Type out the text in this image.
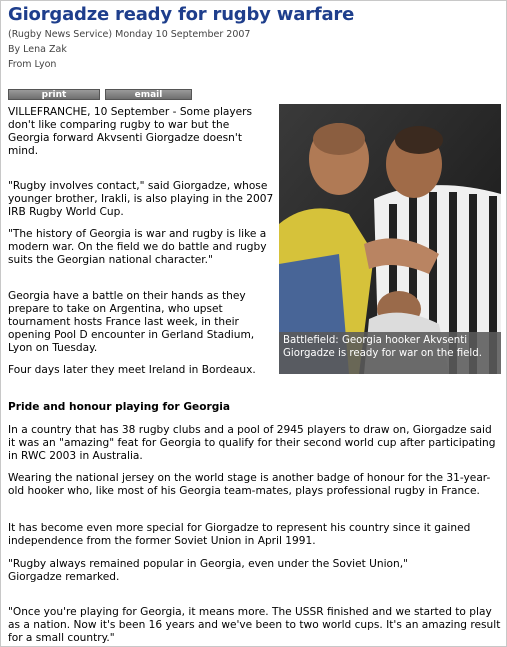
Giorgadze ready for rugby warfare
(Rugby News Service) Monday 10 September 2007
By Lena Zak
From Lyon
print	email

VILLEFRANCHE, 10 September - Some players don't like comparing rugby to war but the Georgia forward Akvsenti Giorgadze doesn't mind.

"Rugby involves contact," said Giorgadze, whose younger brother, Irakli, is also playing in the 2007 IRB Rugby World Cup.

"The history of Georgia is war and rugby is like a modern war. On the field we do battle and rugby suits the Georgian national character."

Georgia have a battle on their hands as they prepare to take on Argentina, who upset tournament hosts France last week, in their opening Pool D encounter in Gerland Stadium, Lyon on Tuesday.

Four days later they meet Ireland in Bordeaux.

Battlefield: Georgia hooker Akvsenti Giorgadze is ready for war on the field.

Pride and honour playing for Georgia

In a country that has 38 rugby clubs and a pool of 2945 players to draw on, Giorgadze said it was an "amazing" feat for Georgia to qualify for their second world cup after participating in RWC 2003 in Australia.

Wearing the national jersey on the world stage is another badge of honour for the 31-year-old hooker who, like most of his Georgia team-mates, plays professional rugby in France.

It has become even more special for Giorgadze to represent his country since it gained independence from the former Soviet Union in April 1991.

"Rugby always remained popular in Georgia, even under the Soviet Union," Giorgadze remarked.

"Once you're playing for Georgia, it means more. The USSR finished and we started to play as a nation. Now it's been 16 years and we've been to two world cups. It's an amazing result for a small country."
